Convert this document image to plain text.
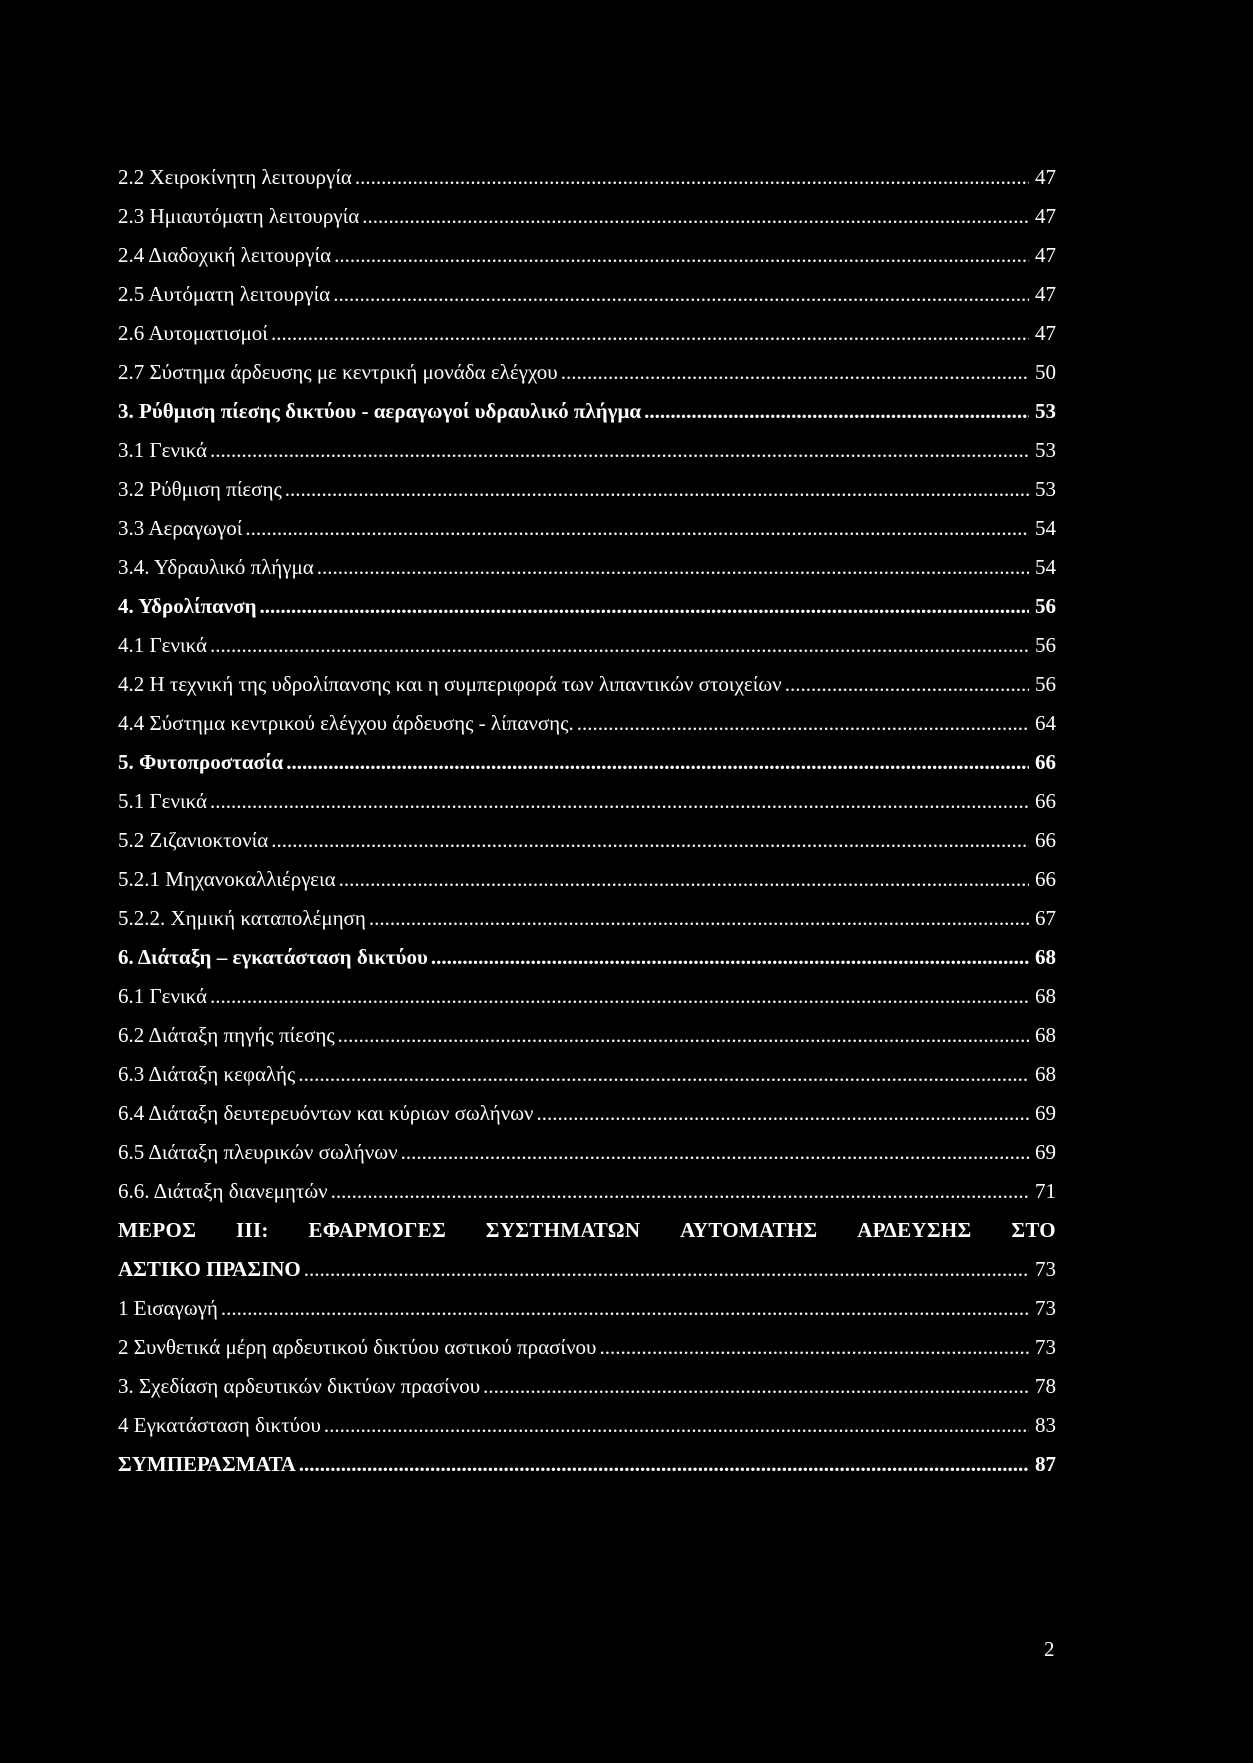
2.2 Χειροκίνητη λειτουργία .....	47
2.3 Ημιαυτόματη λειτουργία .....	47
2.4 Διαδοχική λειτουργία .....	47
2.5 Αυτόματη λειτουργία .....	47
2.6 Αυτοματισμοί .....	47
2.7 Σύστημα άρδευσης με κεντρική μονάδα ελέγχου .....	50
3. Ρύθμιση πίεσης δικτύου - αεραγωγοί υδραυλικό πλήγμα .....	53
3.1 Γενικά .....	53
3.2 Ρύθμιση πίεσης .....	53
3.3 Αεραγωγοί .....	54
3.4. Υδραυλικό πλήγμα .....	54
4. Υδρολίπανση .....	56
4.1 Γενικά .....	56
4.2 Η τεχνική της υδρολίπανσης και η συμπεριφορά των λιπαντικών στοιχείων .....	56
4.4 Σύστημα κεντρικού ελέγχου άρδευσης - λίπανσης. .....	64
5. Φυτοπροστασία .....	66
5.1 Γενικά .....	66
5.2 Ζιζανιοκτονία .....	66
5.2.1 Μηχανοκαλλιέργεια .....	66
5.2.2. Χημική καταπολέμηση .....	67
6. Διάταξη – εγκατάσταση δικτύου .....	68
6.1 Γενικά .....	68
6.2 Διάταξη πηγής πίεσης .....	68
6.3 Διάταξη κεφαλής .....	68
6.4 Διάταξη δευτερευόντων και κύριων σωλήνων .....	69
6.5 Διάταξη πλευρικών σωλήνων .....	69
6.6. Διάταξη διανεμητών .....	71
ΜΕΡΟΣ ΙΙΙ: ΕΦΑΡΜΟΓΕΣ ΣΥΣΤΗΜΑΤΩΝ ΑΥΤΟΜΑΤΗΣ ΑΡΔΕΥΣΗΣ ΣΤΟ
ΑΣΤΙΚΟ ΠΡΑΣΙΝΟ .....	73
1 Εισαγωγή .....	73
2 Συνθετικά μέρη αρδευτικού δικτύου αστικού πρασίνου .....	73
3. Σχεδίαση αρδευτικών δικτύων πρασίνου .....	78
4 Εγκατάσταση δικτύου .....	83
ΣΥΜΠΕΡΑΣΜΑΤΑ .....	87
2
